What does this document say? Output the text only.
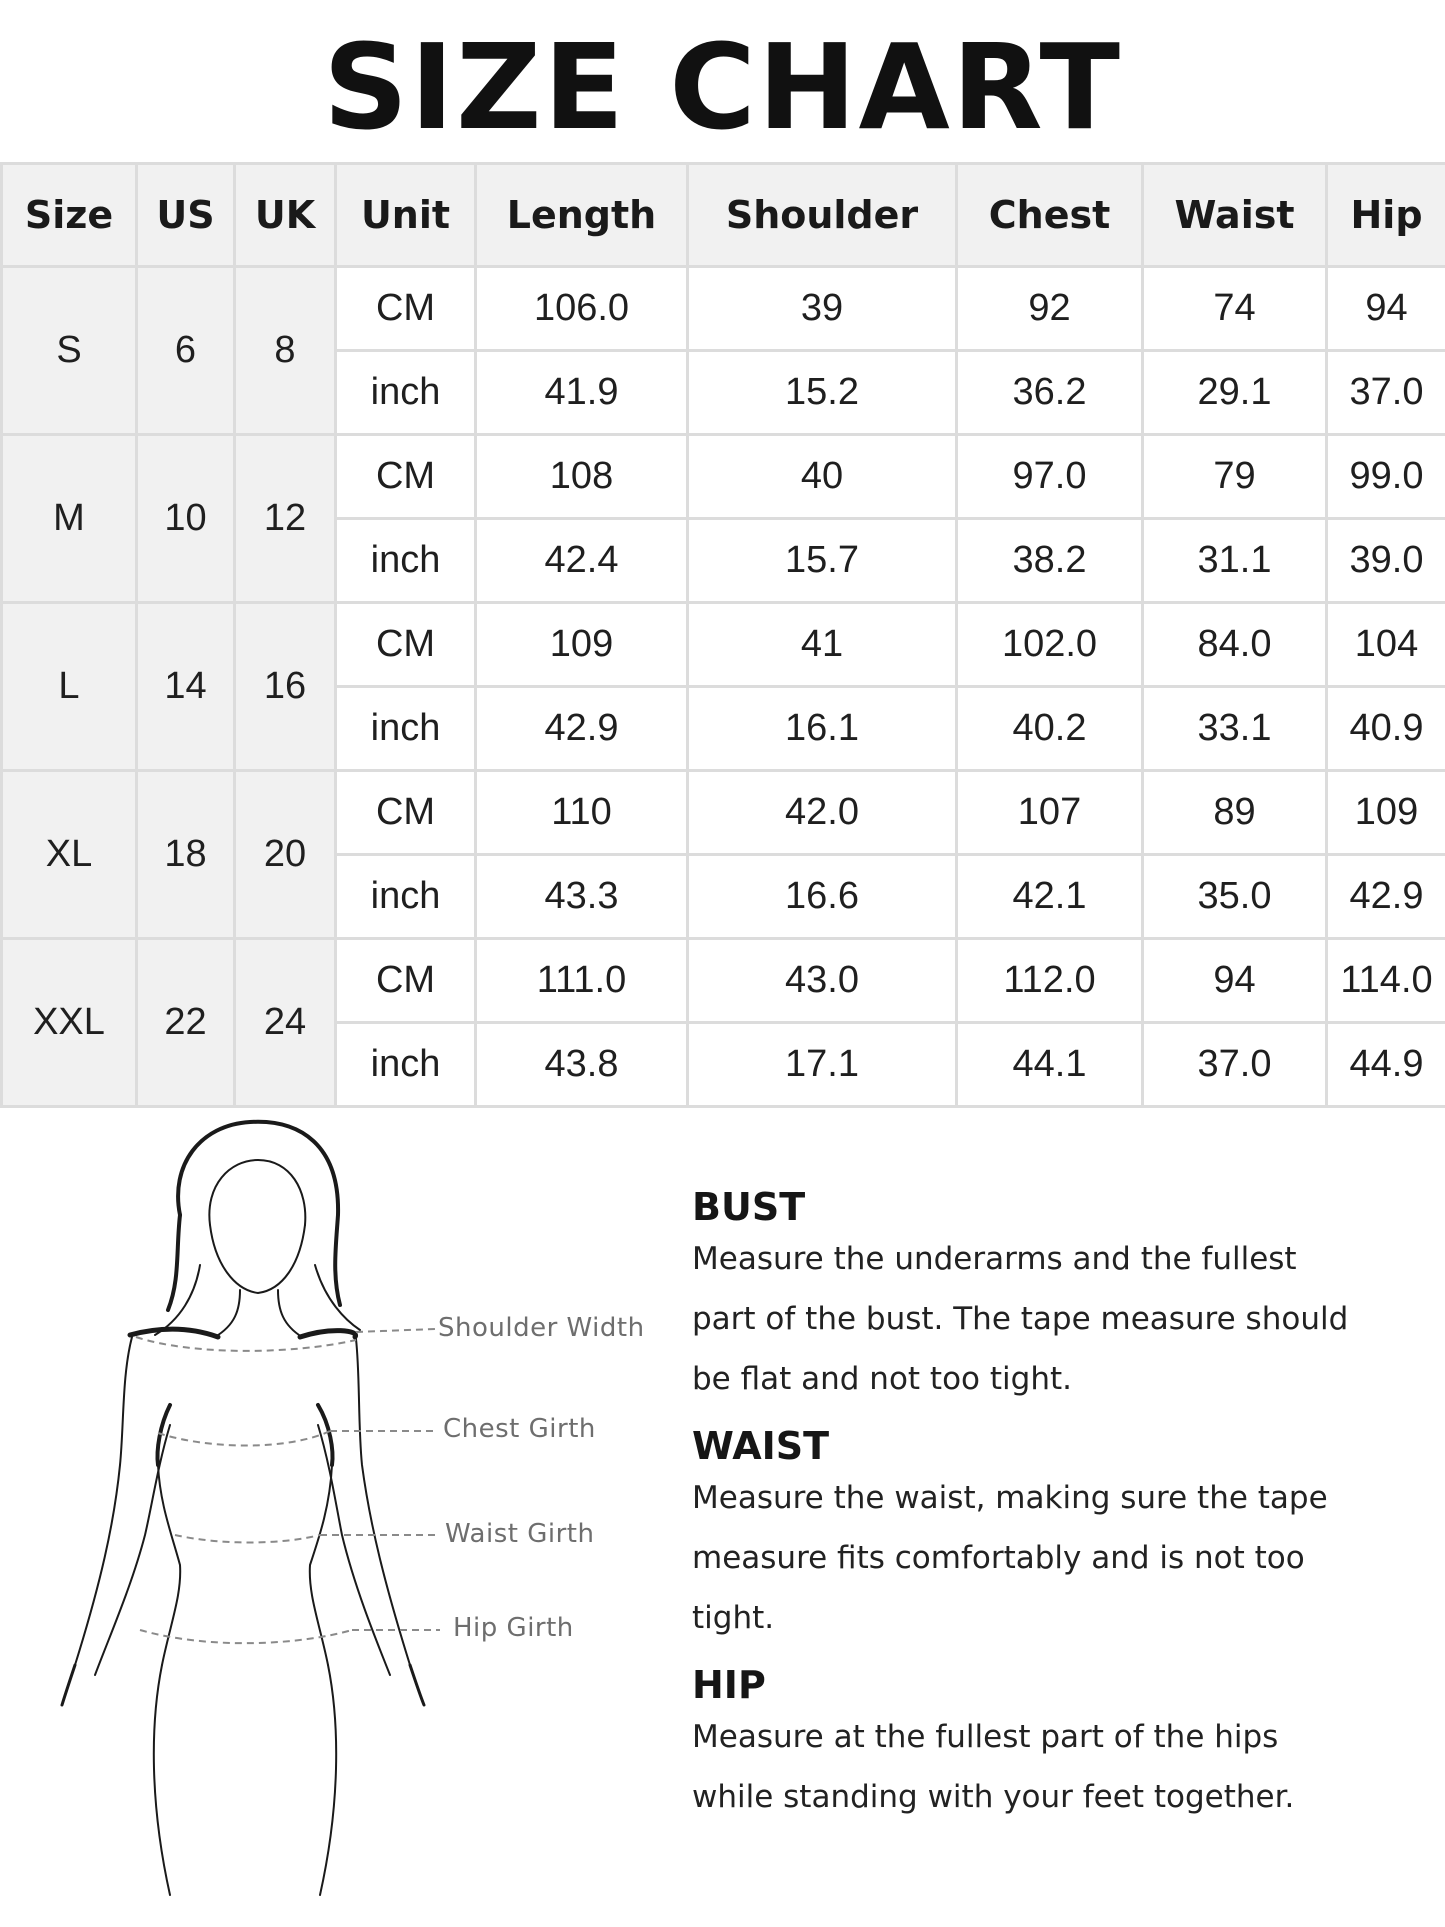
SIZE CHART
Size	US	UK	Unit	Length	Shoulder	Chest	Waist	Hip
S	6	8	CM	106.0	39	92	74	94
			inch	41.9	15.2	36.2	29.1	37.0
M	10	12	CM	108	40	97.0	79	99.0
			inch	42.4	15.7	38.2	31.1	39.0
L	14	16	CM	109	41	102.0	84.0	104
			inch	42.9	16.1	40.2	33.1	40.9
XL	18	20	CM	110	42.0	107	89	109
			inch	43.3	16.6	42.1	35.0	42.9
XXL	22	24	CM	111.0	43.0	112.0	94	114.0
			inch	43.8	17.1	44.1	37.0	44.9
Shoulder Width
Chest Girth
Waist Girth
Hip Girth
BUST

Measure the underarms and the fullest

part of the bust. The tape measure should

be flat and not too tight.

WAIST

Measure the waist, making sure the tape

measure fits comfortably and is not too

tight.

HIP

Measure at the fullest part of the hips

while standing with your feet together.
